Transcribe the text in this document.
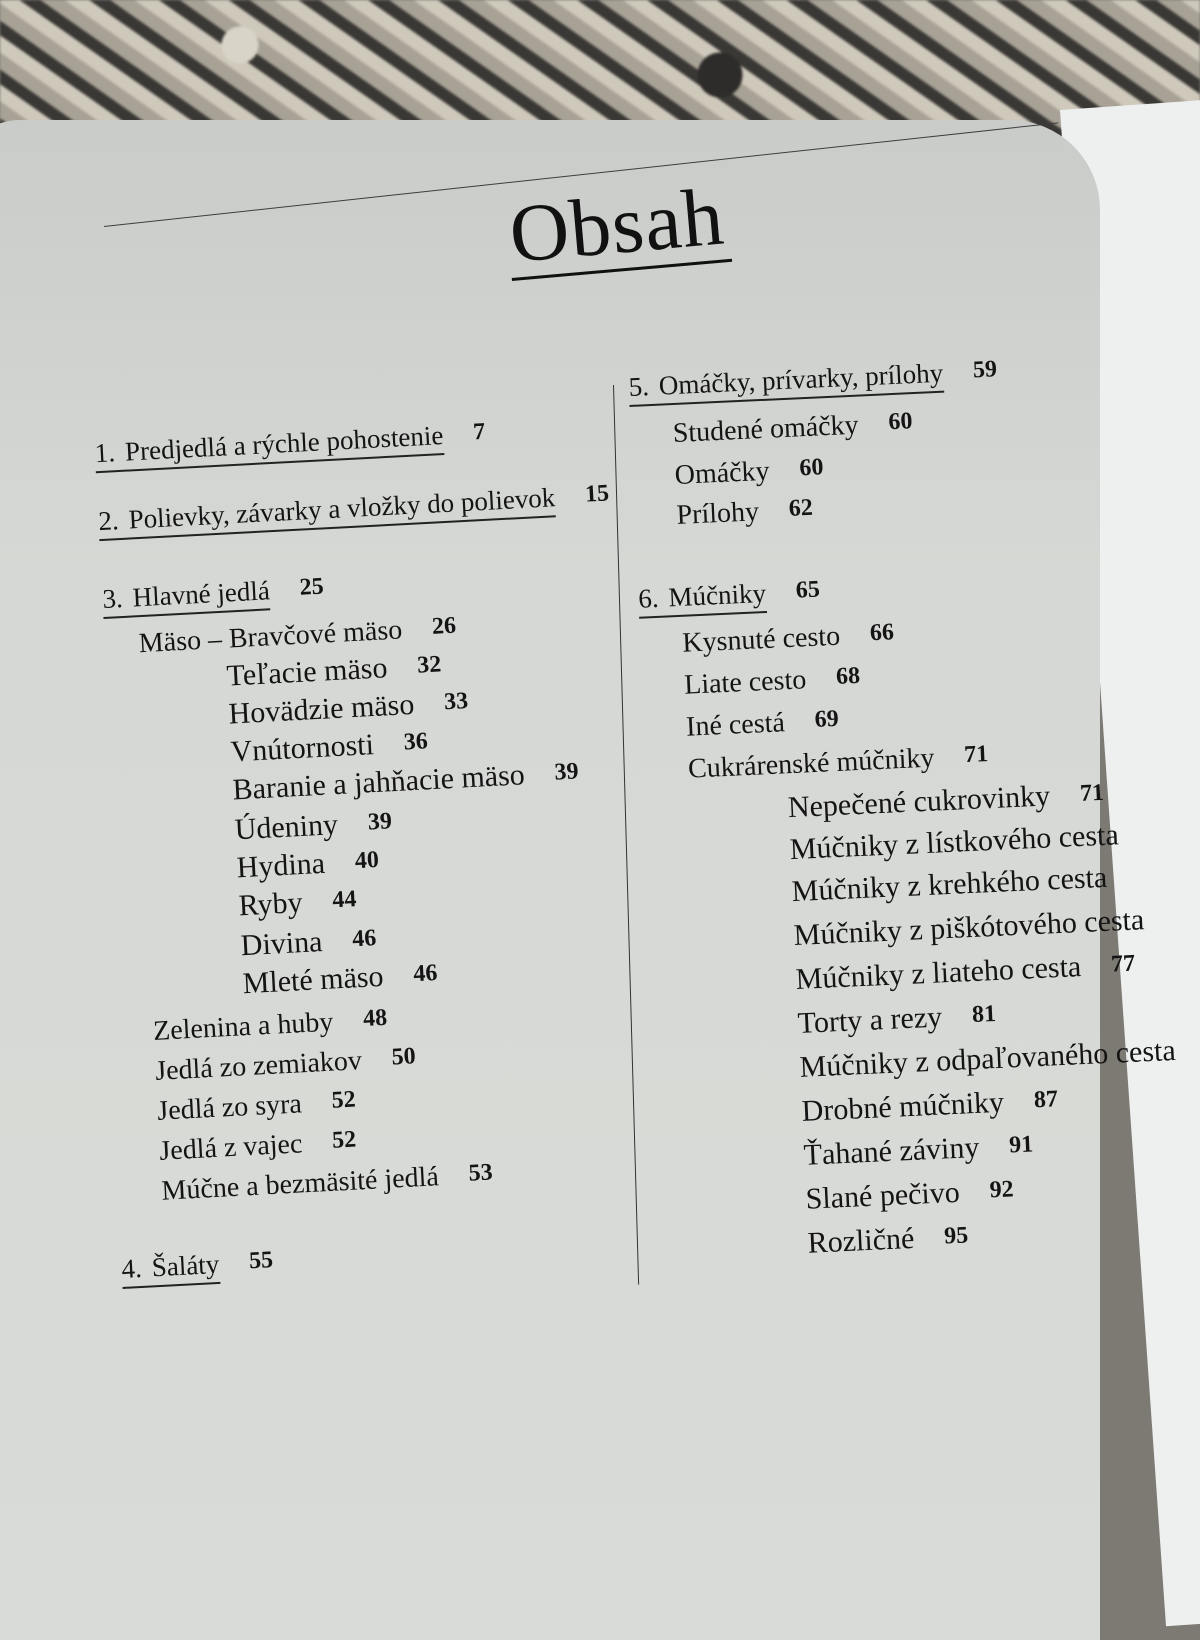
Obsah
1. Predjedlá a rýchle pohostenie 7
2. Polievky, závarky a vložky do polievok 15
3. Hlavné jedlá 25
Mäso – Bravčové mäso 26
Teľacie mäso 32
Hovädzie mäso 33
Vnútornosti 36
Baranie a jahňacie mäso 39
Údeniny 39
Hydina 40
Ryby 44
Divina 46
Mleté mäso 46
Zelenina a huby 48
Jedlá zo zemiakov 50
Jedlá zo syra 52
Jedlá z vajec 52
Múčne a bezmäsité jedlá 53
4. Šaláty 55
5. Omáčky, prívarky, prílohy 59
Studené omáčky 60
Omáčky 60
Prílohy 62
6. Múčniky 65
Kysnuté cesto 66
Liate cesto 68
Iné cestá 69
Cukrárenské múčniky 71
Nepečené cukrovinky 71
Múčniky z lístkového cesta
Múčniky z krehkého cesta
Múčniky z piškótového cesta
Múčniky z liateho cesta 77
Torty a rezy 81
Múčniky z odpaľovaného cesta
Drobné múčniky 87
Ťahané záviny 91
Slané pečivo 92
Rozličné 95
